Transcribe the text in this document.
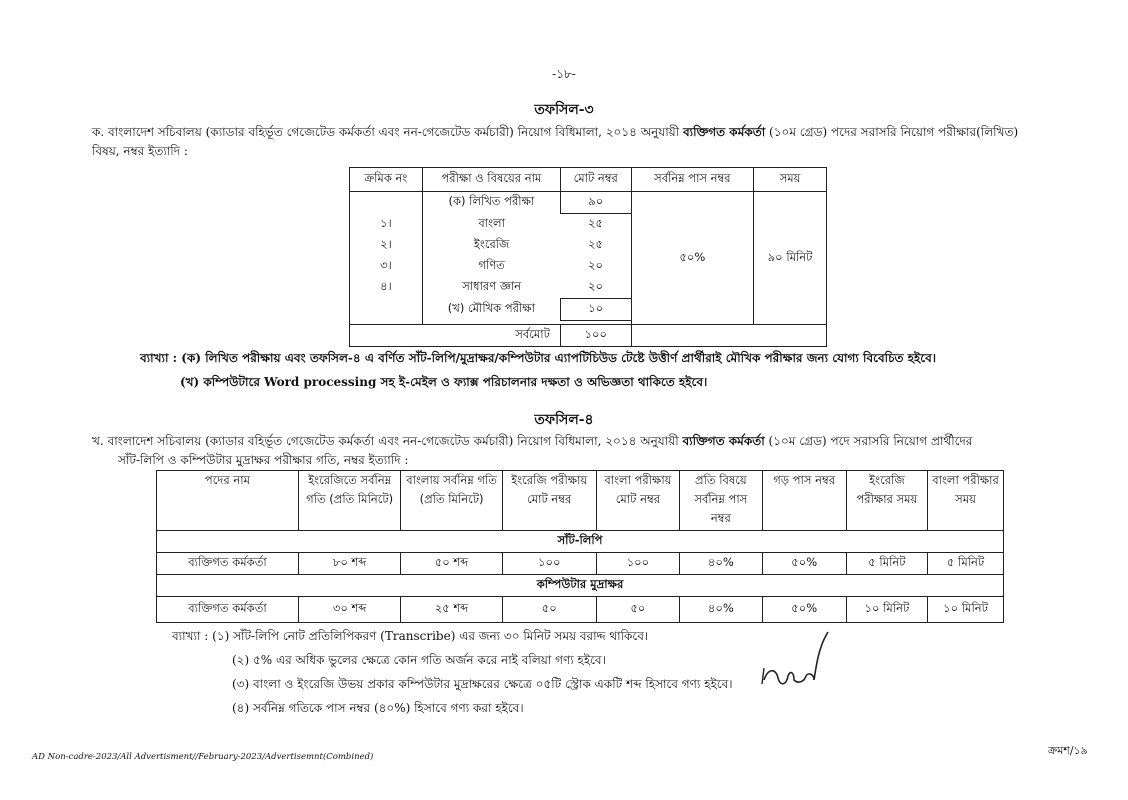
-১৮-
তফসিল-৩
ক. বাংলাদেশ সচিবালয় (ক্যাডার বহির্ভূত গেজেটেড কর্মকর্তা এবং নন-গেজেটেড কর্মচারী) নিয়োগ বিধিমালা, ২০১৪ অনুযায়ী ব্যক্তিগত কর্মকর্তা (১০ম গ্রেড) পদের সরাসরি নিয়োগ পরীক্ষার(লিখিত)
বিষয়, নম্বর ইত্যাদি :
ক্রমিক নং	পরীক্ষা ও বিষয়ের নাম	মোট নম্বর	সর্বনিম্ন পাস নম্বর	সময়
	(ক) লিখিত পরীক্ষা	৯০	৫০%	৯০ মিনিট
১।	বাংলা	২৫		
২।	ইংরেজি	২৫		
৩।	গণিত	২০		
৪।	সাধারণ জ্ঞান	২০		
	(খ) মৌখিক পরীক্ষা	১০		

সর্বমোট		১০০		
ব্যাখ্যা : (ক) লিখিত পরীক্ষায় এবং তফসিল-৪ এ বর্ণিত সাঁট-লিপি/মুদ্রাক্ষর/কম্পিউটার এ্যাপটিচিউড টেষ্টে উত্তীর্ণ প্রার্থীরাই মৌখিক পরীক্ষার জন্য যোগ্য বিবেচিত হইবে।
(খ) কম্পিউটারে Word processing সহ ই-মেইল ও ফ্যাক্স পরিচালনার দক্ষতা ও অভিজ্ঞতা থাকিতে হইবে।
তফসিল-৪
খ. বাংলাদেশ সচিবালয় (ক্যাডার বহির্ভূত গেজেটেড কর্মকর্তা এবং নন-গেজেটেড কর্মচারী) নিয়োগ বিধিমালা, ২০১৪ অনুযায়ী ব্যক্তিগত কর্মকর্তা (১০ম গ্রেড) পদে সরাসরি নিয়োগ প্রার্থীদের
সাঁট-লিপি ও কম্পিউটার মুদ্রাক্ষর পরীক্ষার গতি, নম্বর ইত্যাদি :
পদের নাম	ইংরেজিতে সর্বনিম্ন গতি (প্রতি মিনিটে)	বাংলায় সর্বনিম্ন গতি (প্রতি মিনিটে)	ইংরেজি পরীক্ষায় মোট নম্বর	বাংলা পরীক্ষায় মোট নম্বর	প্রতি বিষয়ে সর্বনিম্ন পাস নম্বর	গড় পাস নম্বর	ইংরেজি পরীক্ষার সময়	বাংলা পরীক্ষার সময়
সাঁট-লিপি								
ব্যক্তিগত কর্মকর্তা	৮০ শব্দ	৫০ শব্দ	১০০	১০০	৪০%	৫০%	৫ মিনিট	৫ মিনিট
কম্পিউটার মুদ্রাক্ষর								
ব্যক্তিগত কর্মকর্তা	৩০ শব্দ	২৫ শব্দ	৫০	৫০	৪০%	৫০%	১০ মিনিট	১০ মিনিট
ব্যাখ্যা : (১) সাঁট-লিপি নোট প্রতিলিপিকরণ (Transcribe) এর জন্য ৩০ মিনিট সময় বরাদ্দ থাকিবে।
(২) ৫% এর অধিক ভুলের ক্ষেত্রে কোন গতি অর্জন করে নাই বলিয়া গণ্য হইবে।
(৩) বাংলা ও ইংরেজি উভয় প্রকার কম্পিউটার মুদ্রাক্ষরের ক্ষেত্রে ০৫টি স্ট্রোক একটি শব্দ হিসাবে গণ্য হইবে।
(৪) সর্বনিম্ন গতিকে পাস নম্বর (৪০%) হিসাবে গণ্য করা হইবে।
ক্রমশ/১৯
AD Non-cadre-2023/All Advertisment//February-2023/Advertisemnt(Combined)
